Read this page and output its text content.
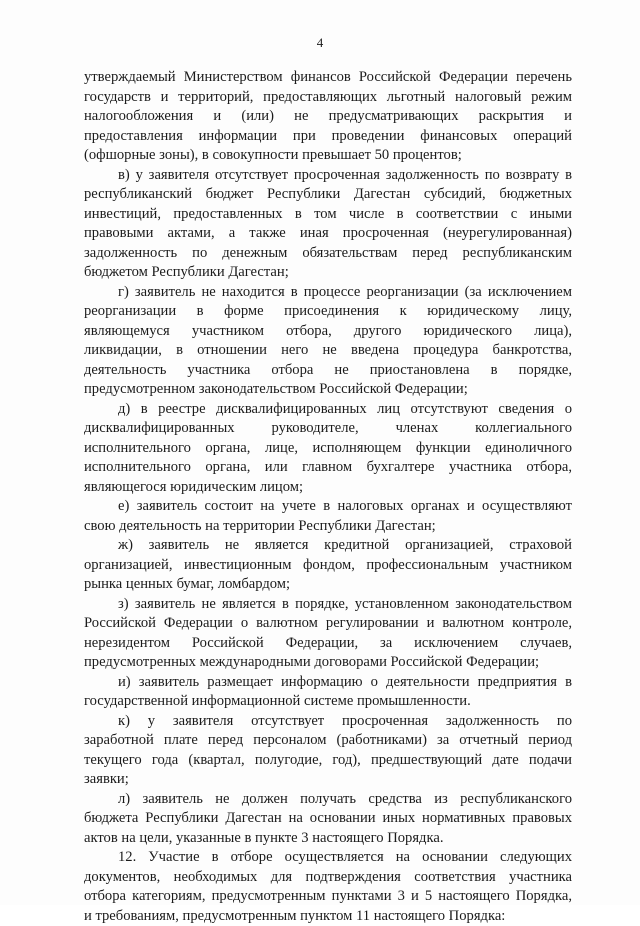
4
утверждаемый Министерством финансов Российской Федерации перечень
государств и территорий, предоставляющих льготный налоговый режим
налогообложения и (или) не предусматривающих раскрытия и
предоставления информации при проведении финансовых операций
(офшорные зоны), в совокупности превышает 50 процентов;
в) у заявителя отсутствует просроченная задолженность по возврату в
республиканский бюджет Республики Дагестан субсидий, бюджетных
инвестиций, предоставленных в том числе в соответствии с иными
правовыми актами, а также иная просроченная (неурегулированная)
задолженность по денежным обязательствам перед республиканским
бюджетом Республики Дагестан;
г) заявитель не находится в процессе реорганизации (за исключением
реорганизации в форме присоединения к юридическому лицу,
являющемуся участником отбора, другого юридического лица),
ликвидации, в отношении него не введена процедура банкротства,
деятельность участника отбора не приостановлена в порядке,
предусмотренном законодательством Российской Федерации;
д) в реестре дисквалифицированных лиц отсутствуют сведения о
дисквалифицированных руководителе, членах коллегиального
исполнительного органа, лице, исполняющем функции единоличного
исполнительного органа, или главном бухгалтере участника отбора,
являющегося юридическим лицом;
е) заявитель состоит на учете в налоговых органах и осуществляют
свою деятельность на территории Республики Дагестан;
ж) заявитель не является кредитной организацией, страховой
организацией, инвестиционным фондом, профессиональным участником
рынка ценных бумаг, ломбардом;
з) заявитель не является в порядке, установленном законодательством
Российской Федерации о валютном регулировании и валютном контроле,
нерезидентом Российской Федерации, за исключением случаев,
предусмотренных международными договорами Российской Федерации;
и) заявитель размещает информацию о деятельности предприятия в
государственной информационной системе промышленности.
к) у заявителя отсутствует просроченная задолженность по
заработной плате перед персоналом (работниками) за отчетный период
текущего года (квартал, полугодие, год), предшествующий дате подачи
заявки;
л) заявитель не должен получать средства из республиканского
бюджета Республики Дагестан на основании иных нормативных правовых
актов на цели, указанные в пункте 3 настоящего Порядка.
12. Участие в отборе осуществляется на основании следующих
документов, необходимых для подтверждения соответствия участника
отбора категориям, предусмотренным пунктами 3 и 5 настоящего Порядка,
и требованиям, предусмотренным пунктом 11 настоящего Порядка:
